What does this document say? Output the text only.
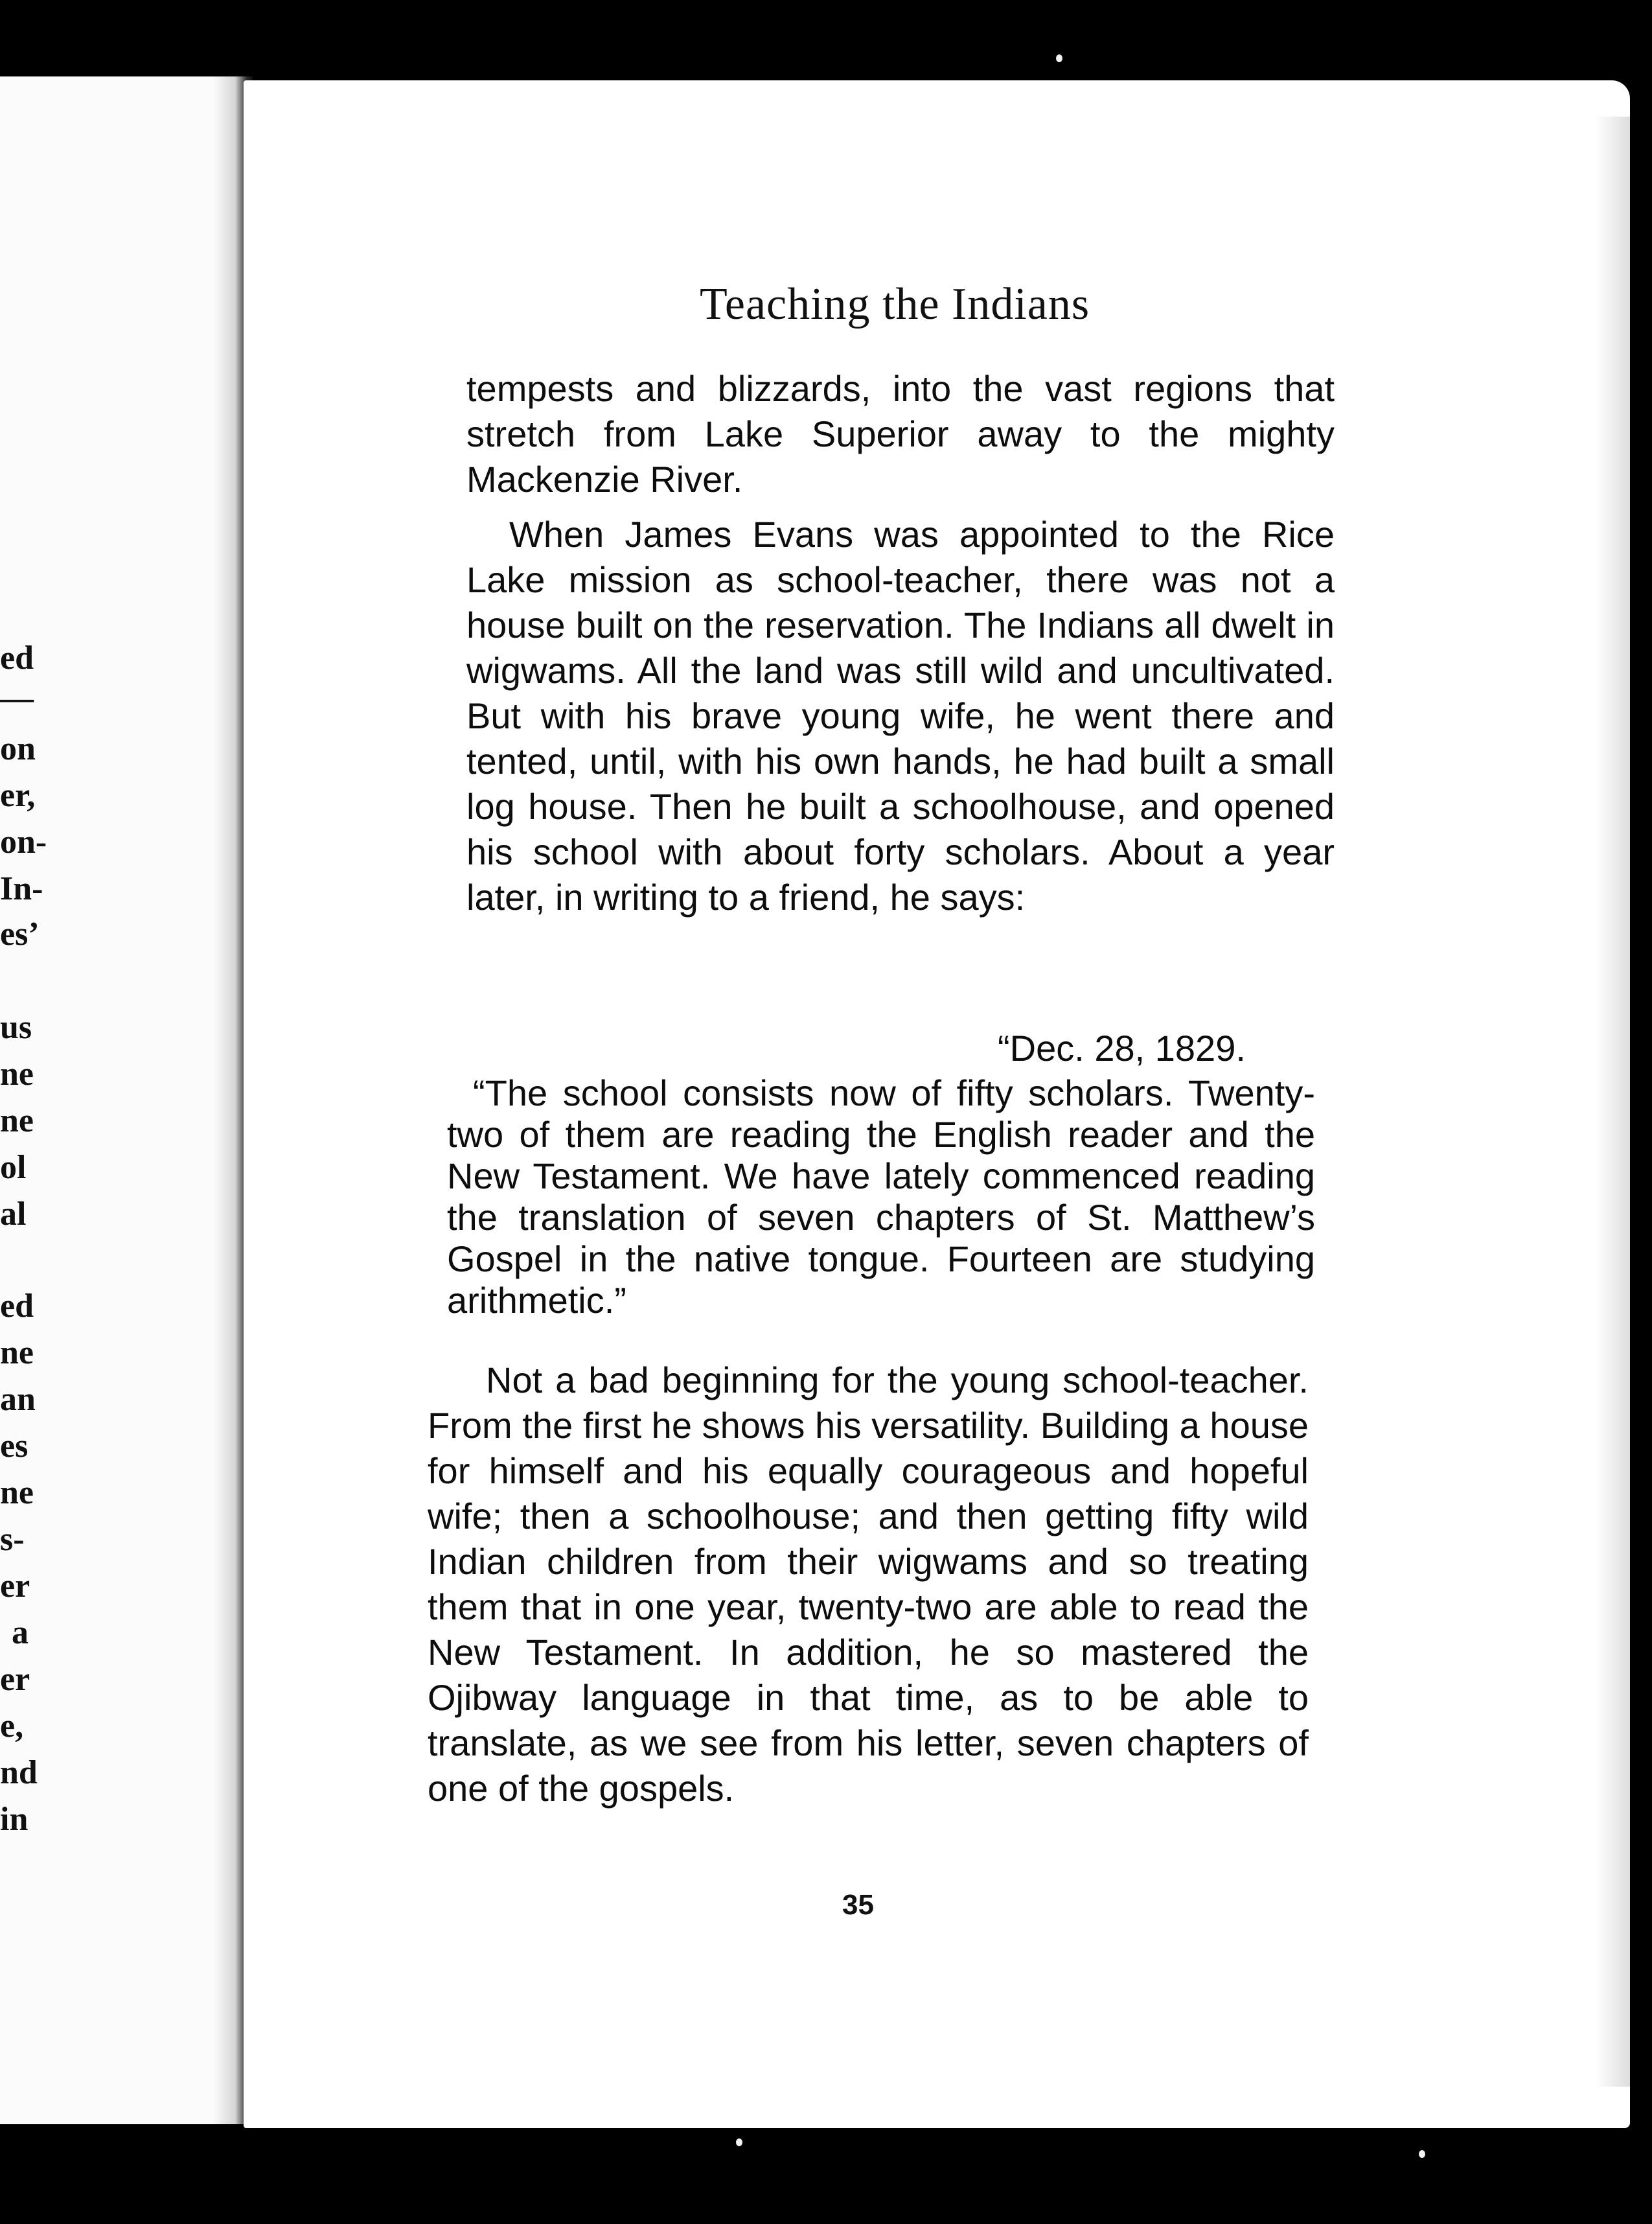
ed
—
on
er,
on-
In-
es’
us
ne
ne
ol
al
ed
ne
an
es
ne
s-
er
a
er
e,
nd
in
Teaching the Indians

tempests and blizzards, into the vast regions that stretch from Lake Superior away to the mighty Mackenzie River.

When James Evans was appointed to the Rice Lake mission as school-teacher, there was not a house built on the reservation. The Indians all dwelt in wigwams. All the land was still wild and uncultivated. But with his brave young wife, he went there and tented, until, with his own hands, he had built a small log house. Then he built a schoolhouse, and opened his school with about forty scholars. About a year later, in writing to a friend, he says:

“Dec. 28, 1829.
“The school consists now of fifty scholars. Twenty-two of them are reading the English reader and the New Testament. We have lately commenced reading the translation of seven chapters of St. Matthew’s Gospel in the native tongue. Fourteen are studying arithmetic.”
Not a bad beginning for the young school-teacher. From the first he shows his versatility. Building a house for himself and his equally courageous and hopeful wife; then a schoolhouse; and then getting fifty wild Indian children from their wigwams and so treating them that in one year, twenty-two are able to read the New Testament. In addition, he so mastered the Ojibway language in that time, as to be able to translate, as we see from his letter, seven chapters of one of the gospels.
35
